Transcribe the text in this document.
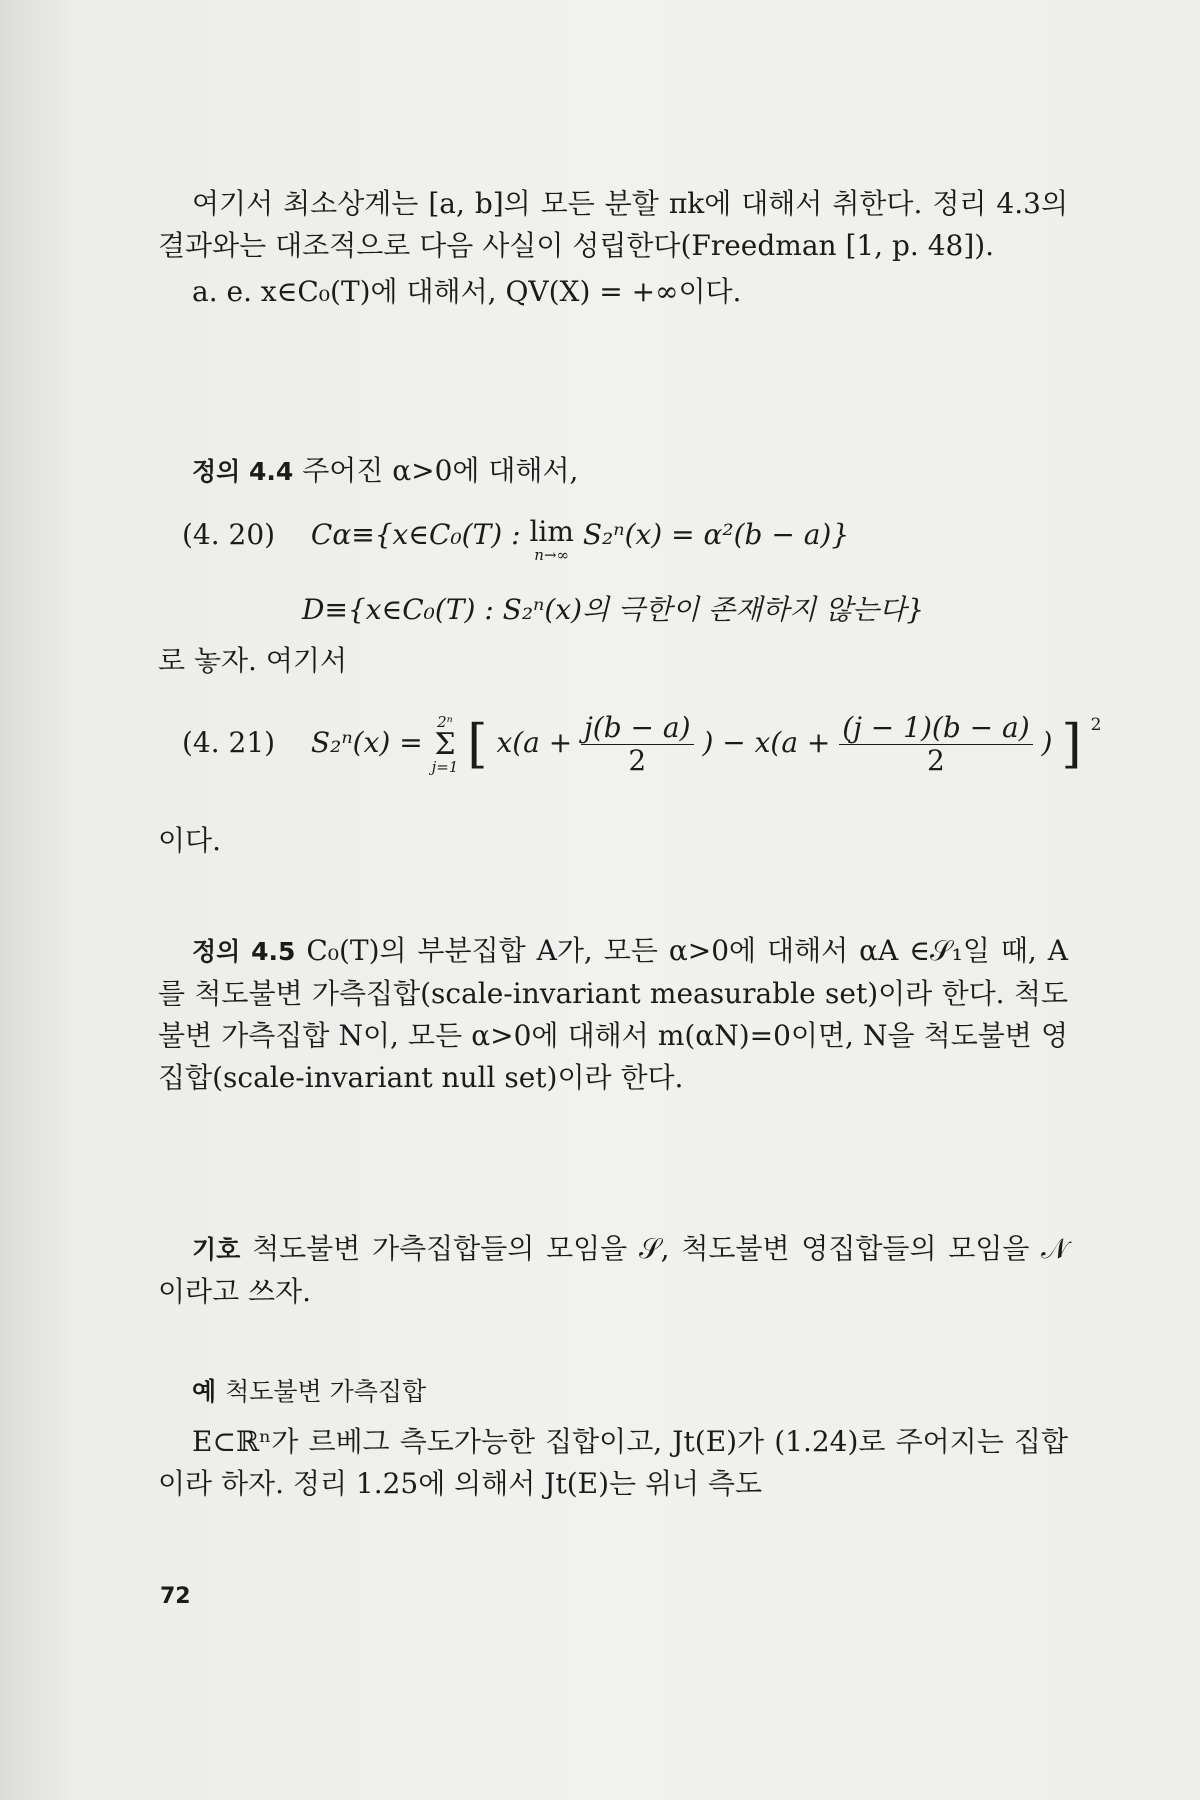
여기서 최소상계는 [a, b]의 모든 분할 πk에 대해서 취한다. 정리 4.3의 결과와는 대조적으로 다음 사실이 성립한다(Freedman [1, p. 48]).

a. e. x∈C₀(T)에 대해서, QV(X) = +∞이다.

정의 4.4 주어진 α>0에 대해서,

(4. 20) Cα≡{x∈C₀(T) : lim
n→∞
S₂ⁿ(x) = α²(b − a)}
D≡{x∈C₀(T) : S₂ⁿ(x)의 극한이 존재하지 않는다}

로 놓자. 여기서

(4. 21) S₂ⁿ(x) =
2ⁿ
Σ
j=1 [ $x(a + \frac{j(b - a)}{2}$ ) − $x(a + \frac{(j - 1)(b - a)}{2}$ ) ] $^2$

이다.

정의 4.5 C₀(T)의 부분집합 A가, 모든 α>0에 대해서 αA ∈𝒮₁일 때, A를 척도불변 가측집합(scale-invariant measurable set)이라 한다. 척도불변 가측집합 N이, 모든 α>0에 대해서 m(αN)=0이면, N을 척도불변 영집합(scale-invariant null set)이라 한다.

기호 척도불변 가측집합들의 모임을 𝒮, 척도불변 영집합들의 모임을 𝒩이라고 쓰자.

예 척도불변 가측집합

E⊂ℝⁿ가 르베그 측도가능한 집합이고, Jt(E)가 (1.24)로 주어지는 집합이라 하자. 정리 1.25에 의해서 Jt(E)는 위너 측도

72
